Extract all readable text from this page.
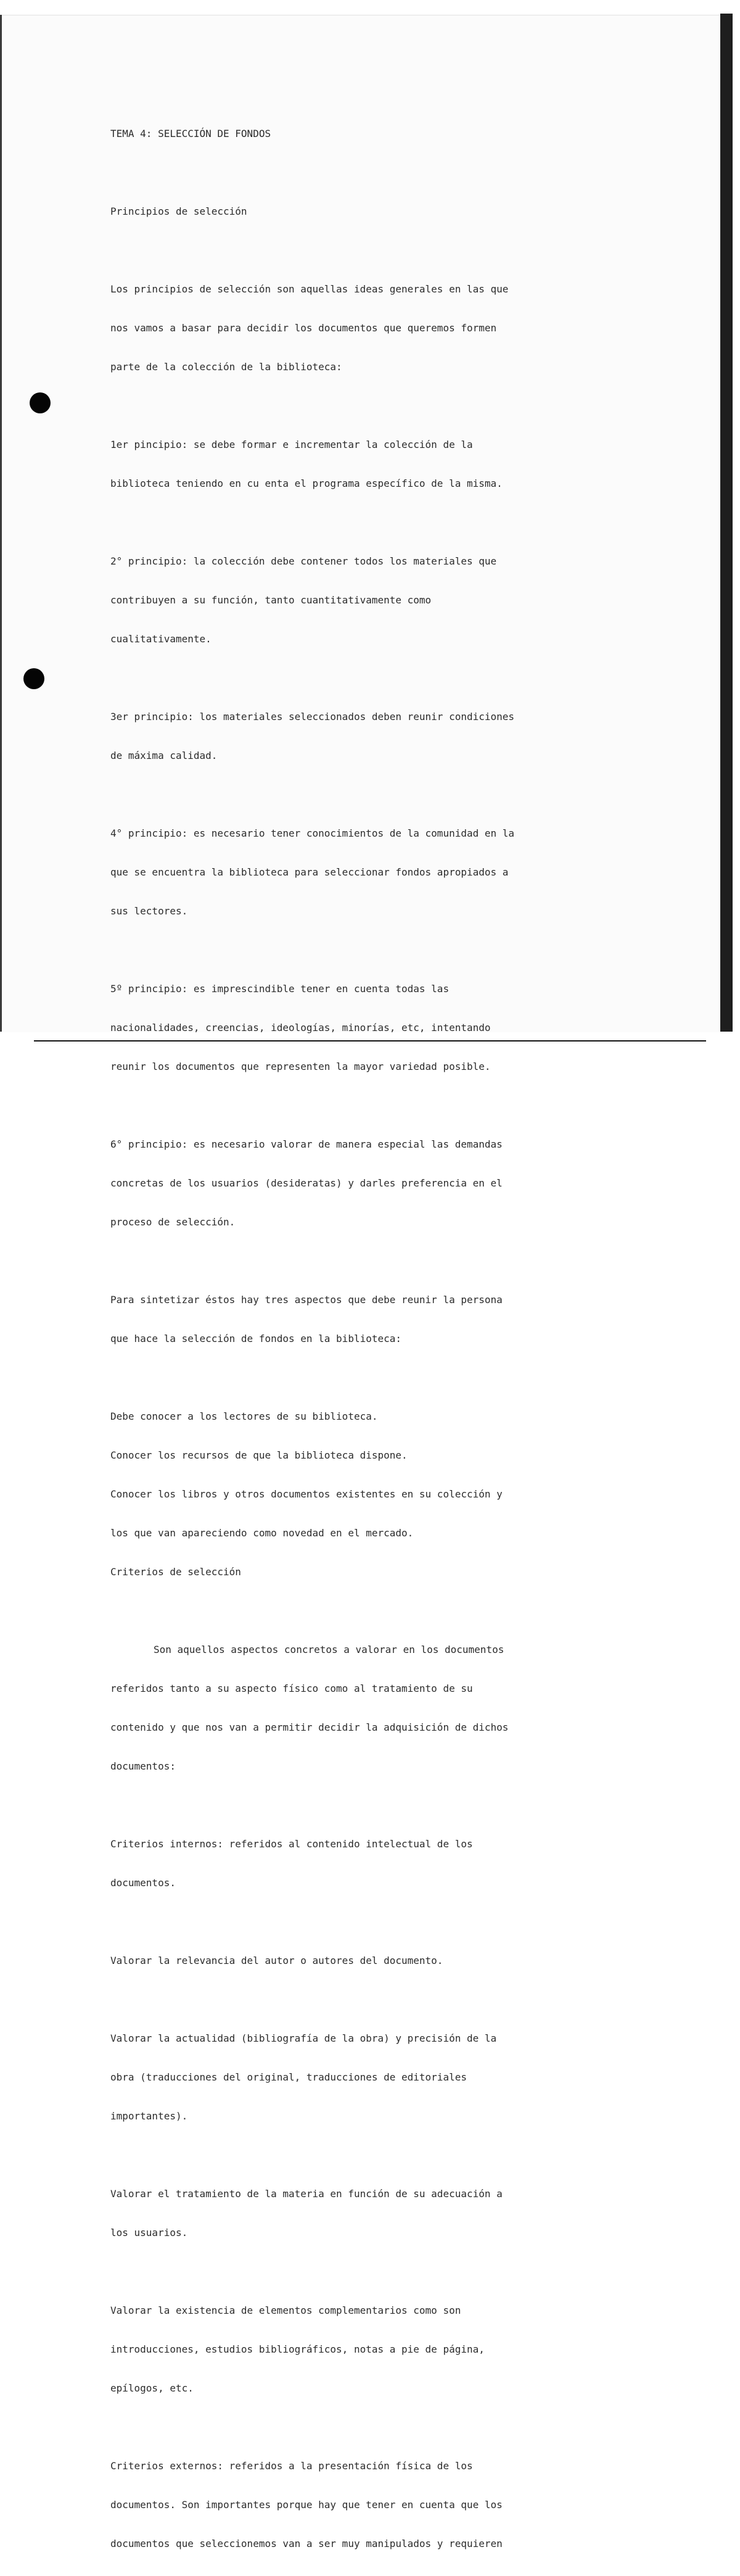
TEMA 4: SELECCIÓN DE FONDOS

Principios de selección

Los principios de selección son aquellas ideas generales en las que

nos vamos a basar para decidir los documentos que queremos formen

parte de la colección de la biblioteca:

1er pincipio: se debe formar e incrementar la colección de la

biblioteca teniendo en cu enta el programa específico de la misma.

2° principio: la colección debe contener todos los materiales que

contribuyen a su función, tanto cuantitativamente como

cualitativamente.

3er principio: los materiales seleccionados deben reunir condiciones

de máxima calidad.

4° principio: es necesario tener conocimientos de la comunidad en la

que se encuentra la biblioteca para seleccionar fondos apropiados a

sus lectores.

5º principio: es imprescindible tener en cuenta todas las

nacionalidades, creencias, ideologías, minorías, etc, intentando

reunir los documentos que representen la mayor variedad posible.

6° principio: es necesario valorar de manera especial las demandas

concretas de los usuarios (desideratas) y darles preferencia en el

proceso de selección.

Para sintetizar éstos hay tres aspectos que debe reunir la persona

que hace la selección de fondos en la biblioteca:

Debe conocer a los lectores de su biblioteca.

Conocer los recursos de que la biblioteca dispone.

Conocer los libros y otros documentos existentes en su colección y

los que van apareciendo como novedad en el mercado.

Criterios de selección

Son aquellos aspectos concretos a valorar en los documentos

referidos tanto a su aspecto físico como al tratamiento de su

contenido y que nos van a permitir decidir la adquisición de dichos

documentos:

Criterios internos: referidos al contenido intelectual de los

documentos.

Valorar la relevancia del autor o autores del documento.

Valorar la actualidad (bibliografía de la obra) y precisión de la

obra (traducciones del original, traducciones de editoriales

importantes).

Valorar el tratamiento de la materia en función de su adecuación a

los usuarios.

Valorar la existencia de elementos complementarios como son

introducciones, estudios bibliográficos, notas a pie de página,

epílogos, etc.

Criterios externos: referidos a la presentación física de los

documentos. Son importantes porque hay que tener en cuenta que los

documentos que seleccionemos van a ser muy manipulados y requieren
